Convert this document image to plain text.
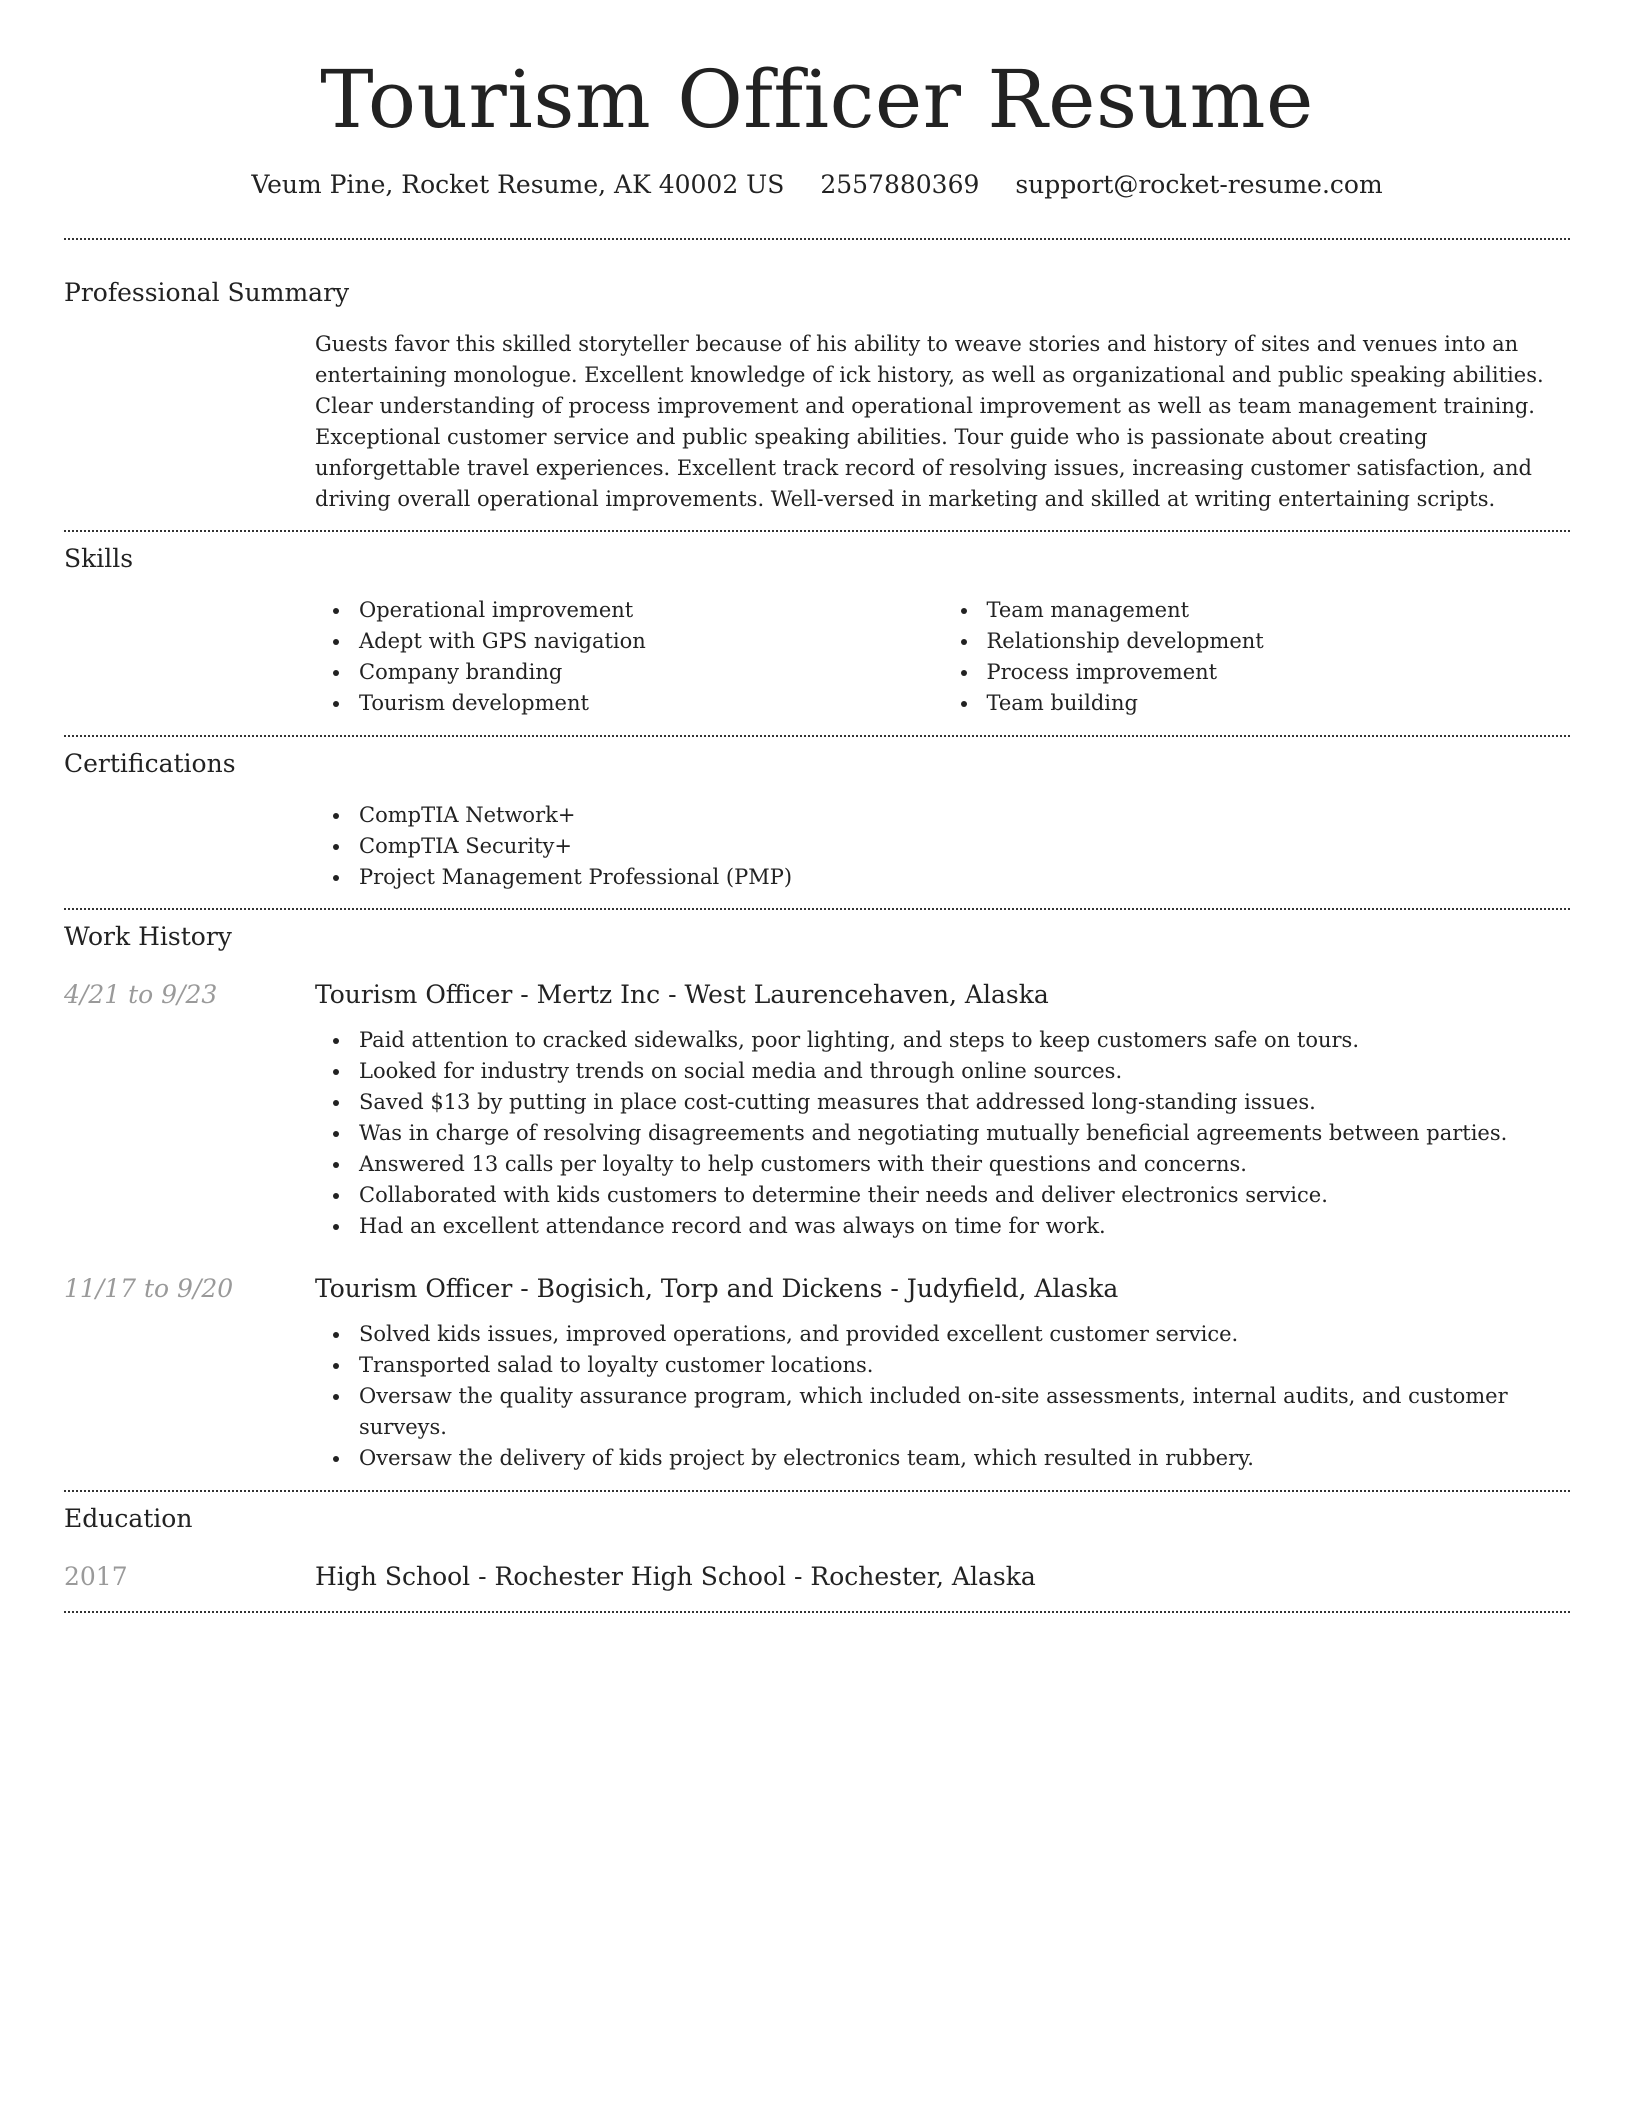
Tourism Officer Resume
Veum Pine, Rocket Resume, AK 40002 US 2557880369 support@rocket-resume.com
Professional Summary

Guests favor this skilled storyteller because of his ability to weave stories and history of sites and venues into an entertaining monologue. Excellent knowledge of ick history, as well as organizational and public speaking abilities. Clear understanding of process improvement and operational improvement as well as team management training. Exceptional customer service and public speaking abilities. Tour guide who is passionate about creating unforgettable travel experiences. Excellent track record of resolving issues, increasing customer satisfaction, and driving overall operational improvements. Well-versed in marketing and skilled at writing entertaining scripts.

Skills
Operational improvement
Adept with GPS navigation
Company branding
Tourism development
Team management
Relationship development
Process improvement
Team building
Certifications
CompTIA Network+
CompTIA Security+
Project Management Professional (PMP)
Work History
4/21 to 9/23	Tourism Officer - Mertz Inc - West Laurencehaven, Alaska
Paid attention to cracked sidewalks, poor lighting, and steps to keep customers safe on tours.
Looked for industry trends on social media and through online sources.
Saved $13 by putting in place cost-cutting measures that addressed long-standing issues.
Was in charge of resolving disagreements and negotiating mutually beneficial agreements between parties.
Answered 13 calls per loyalty to help customers with their questions and concerns.
Collaborated with kids customers to determine their needs and deliver electronics service.
Had an excellent attendance record and was always on time for work.
11/17 to 9/20	Tourism Officer - Bogisich, Torp and Dickens - Judyfield, Alaska
Solved kids issues, improved operations, and provided excellent customer service.
Transported salad to loyalty customer locations.
Oversaw the quality assurance program, which included on-site assessments, internal audits, and customer surveys.
Oversaw the delivery of kids project by electronics team, which resulted in rubbery.
Education
2017	High School - Rochester High School - Rochester, Alaska
